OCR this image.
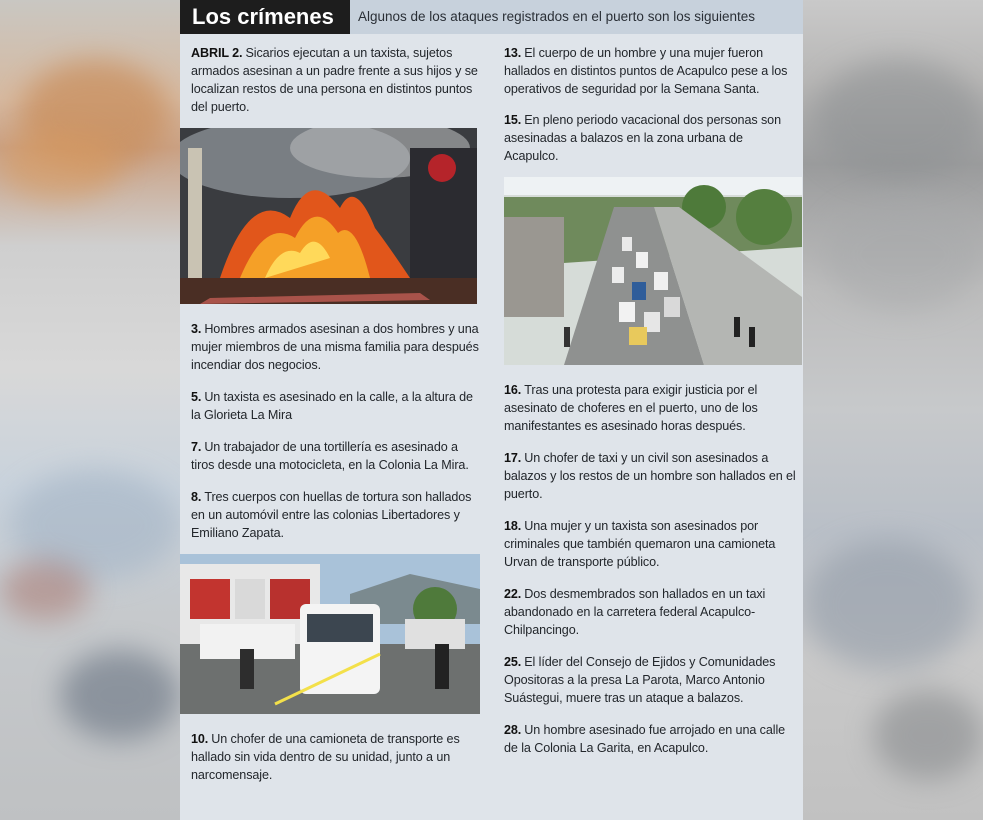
Los crímenes	Algunos de los ataques registrados en el puerto son los siguientes

ABRIL 2. Sicarios ejecutan a un taxista, sujetos armados asesinan a un padre frente a sus hijos y se localizan restos de una persona en distintos puntos del puerto.

3. Hombres armados asesinan a dos hombres y una mujer miembros de una misma familia para después incendiar dos negocios.

5. Un taxista es asesinado en la calle, a la altura de la Glorieta La Mira

7. Un trabajador de una tortillería es asesinado a tiros desde una motocicleta, en la Colonia La Mira.

8. Tres cuerpos con huellas de tortura son hallados en un automóvil entre las colonias Libertadores y Emiliano Zapata.

10. Un chofer de una camioneta de transporte es hallado sin vida dentro de su unidad, junto a un narcomensaje.

13. El cuerpo de un hombre y una mujer fueron hallados en distintos puntos de Acapulco pese a los operativos de seguridad por la Semana Santa.

15. En pleno periodo vacacional dos personas son asesinadas a balazos en la zona urbana de Acapulco.

16. Tras una protesta para exigir justicia por el asesinato de choferes en el puerto, uno de los manifestantes es asesinado horas después.

17. Un chofer de taxi y un civil son asesinados a balazos y los restos de un hombre son hallados en el puerto.

18. Una mujer y un taxista son asesinados por criminales que también quemaron una camioneta Urvan de transporte público.

22. Dos desmembrados son hallados en un taxi abandonado en la carretera federal Acapulco-Chilpancingo.

25. El líder del Consejo de Ejidos y Comunidades Opositoras a la presa La Parota, Marco Antonio Suástegui, muere tras un ataque a balazos.

28. Un hombre asesinado fue arrojado en una calle de la Colonia La Garita, en Acapulco.
